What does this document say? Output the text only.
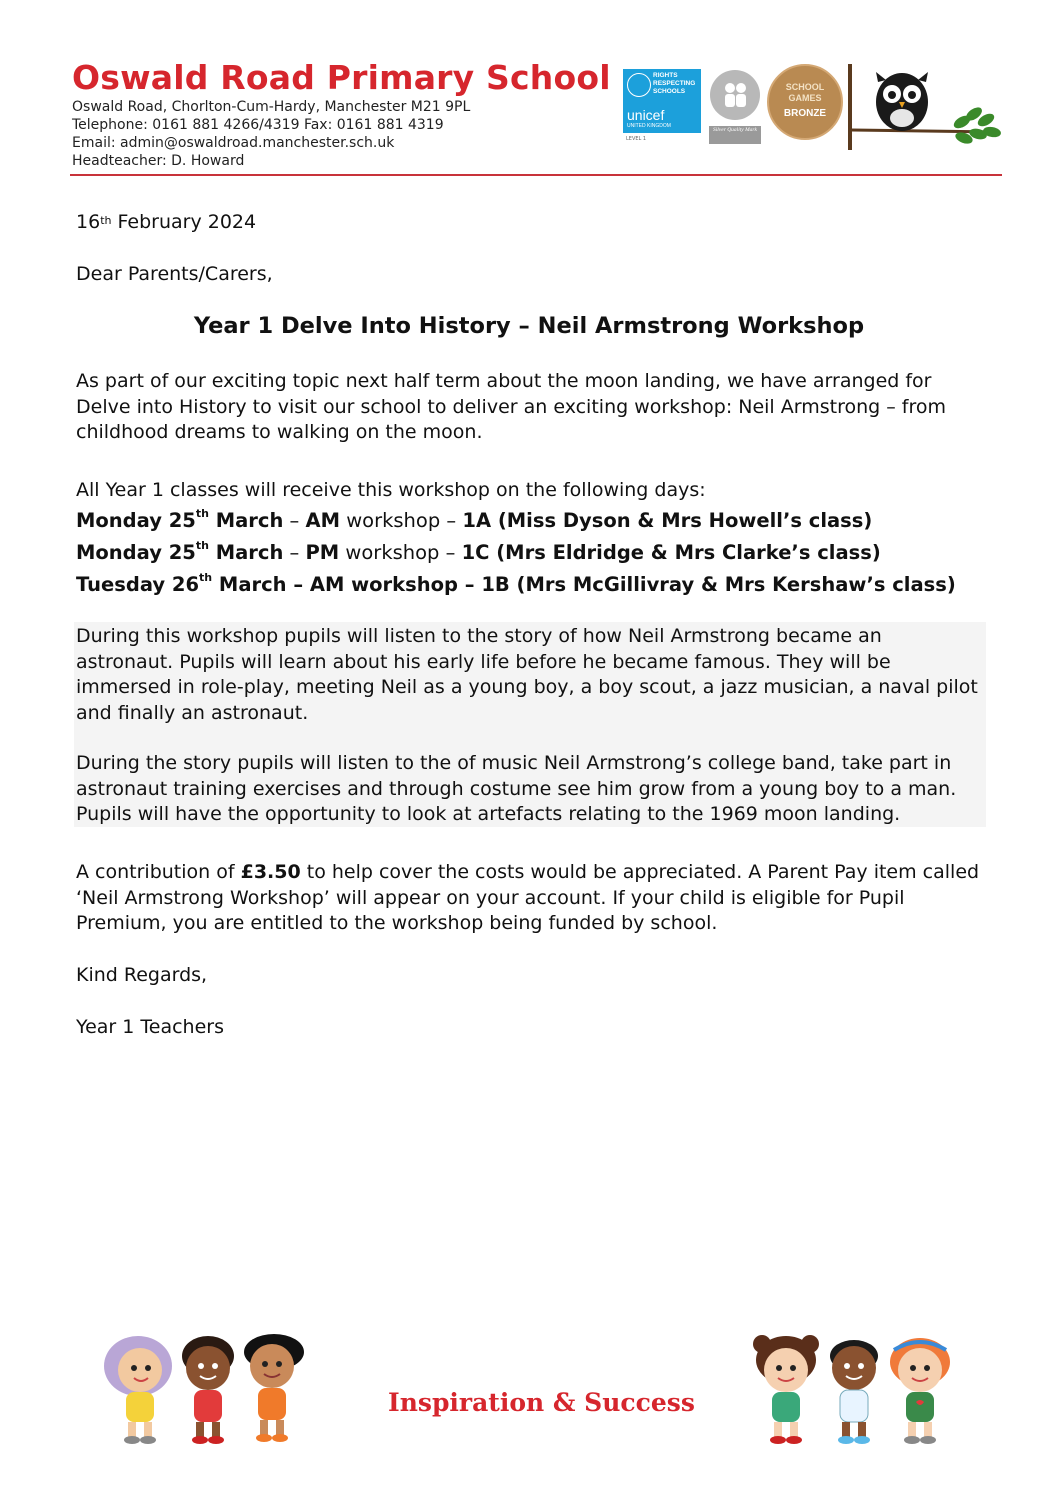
Oswald Road Primary School
Oswald Road, Chorlton-Cum-Hardy, Manchester M21 9PL
Telephone: 0161 881 4266/4319 Fax: 0161 881 4319
Email: admin@oswaldroad.manchester.sch.uk
Headteacher: D. Howard
RIGHTS
RESPECTING
SCHOOLS
unicef
UNITED KINGDOM
LEVEL 1
Silver Quality Mark
SCHOOL GAMES
BRONZE
16th February 2024
Dear Parents/Carers,
Year 1 Delve Into History – Neil Armstrong Workshop
As part of our exciting topic next half term about the moon landing, we have arranged for Delve into History to visit our school to deliver an exciting workshop: Neil Armstrong – from childhood dreams to walking on the moon.
All Year 1 classes will receive this workshop on the following days:
Monday 25th March – AM workshop – 1A (Miss Dyson & Mrs Howell’s class)
Monday 25th March – PM workshop – 1C (Mrs Eldridge & Mrs Clarke’s class)
Tuesday 26th March – AM workshop – 1B (Mrs McGillivray & Mrs Kershaw’s class)
During this workshop pupils will listen to the story of how Neil Armstrong became an astronaut. Pupils will learn about his early life before he became famous. They will be immersed in role-play, meeting Neil as a young boy, a boy scout, a jazz musician, a naval pilot and finally an astronaut.
During the story pupils will listen to the of music Neil Armstrong’s college band, take part in astronaut training exercises and through costume see him grow from a young boy to a man. Pupils will have the opportunity to look at artefacts relating to the 1969 moon landing.
A contribution of £3.50 to help cover the costs would be appreciated. A Parent Pay item called ‘Neil Armstrong Workshop’ will appear on your account. If your child is eligible for Pupil Premium, you are entitled to the workshop being funded by school.
Kind Regards,
Year 1 Teachers
Inspiration & Success
